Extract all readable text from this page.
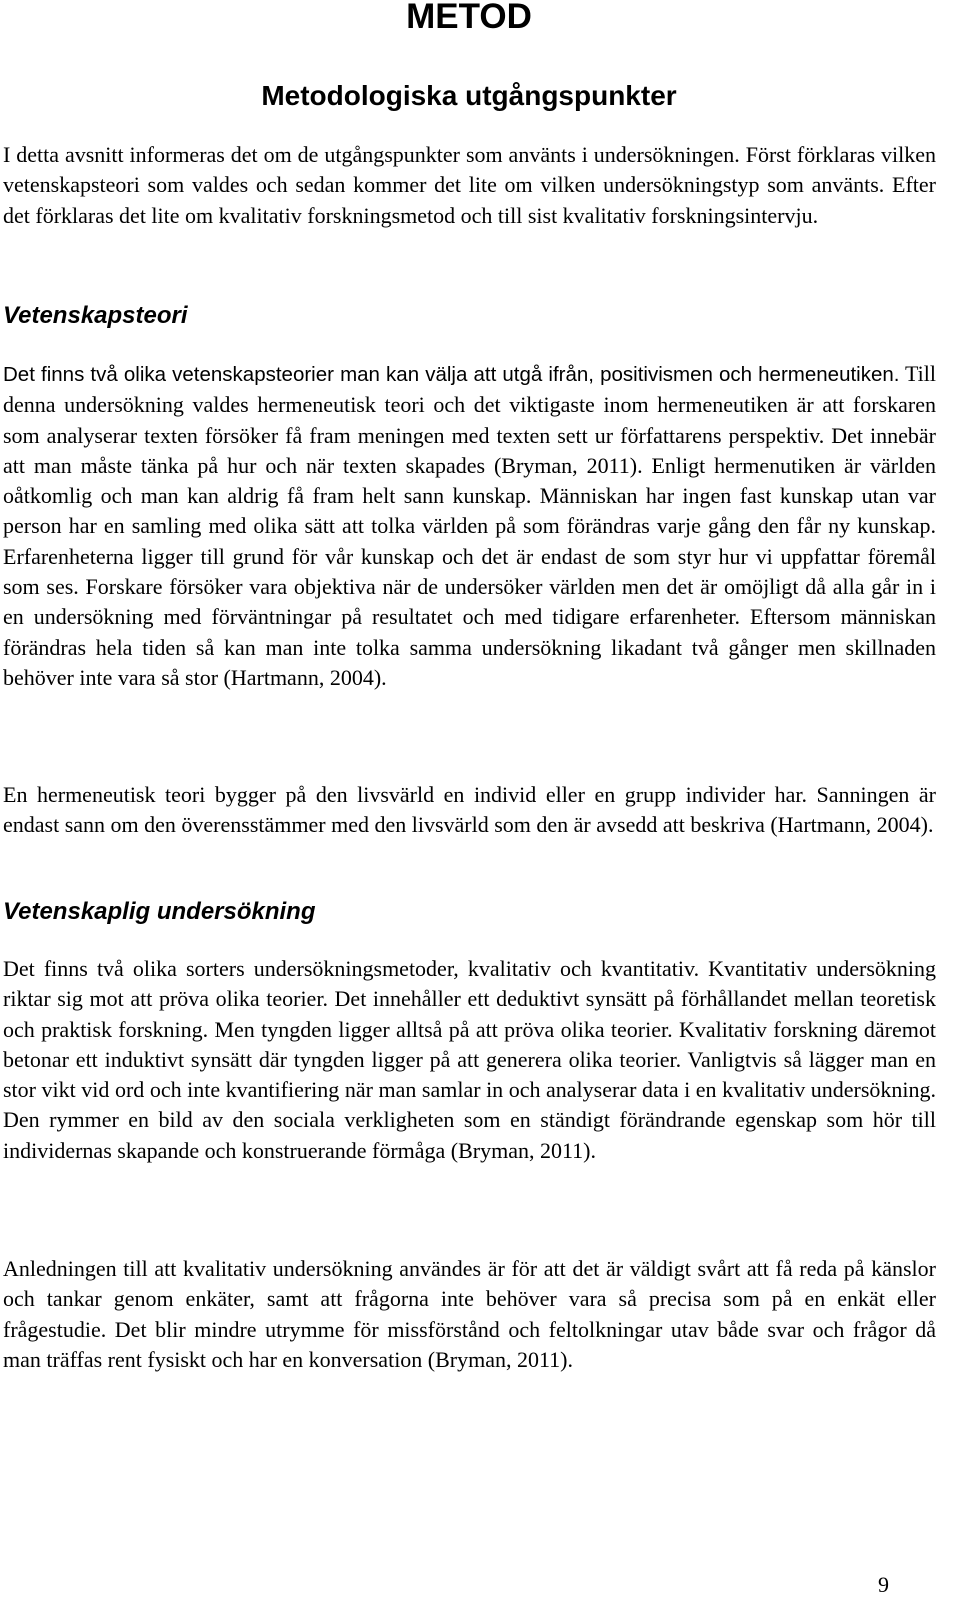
METOD
Metodologiska utgångspunkter

I detta avsnitt informeras det om de utgångspunkter som använts i undersökningen. Först förklaras vilken vetenskapsteori som valdes och sedan kommer det lite om vilken undersökningstyp som använts. Efter det förklaras det lite om kvalitativ forskningsmetod och till sist kvalitativ forskningsintervju.

Vetenskapsteori

Det finns två olika vetenskapsteorier man kan välja att utgå ifrån, positivismen och hermeneutiken. Till denna undersökning valdes hermeneutisk teori och det viktigaste inom hermeneutiken är att forskaren som analyserar texten försöker få fram meningen med texten sett ur författarens perspektiv. Det innebär att man måste tänka på hur och när texten skapades (Bryman, 2011). Enligt hermenutiken är världen oåtkomlig och man kan aldrig få fram helt sann kunskap. Människan har ingen fast kunskap utan var person har en samling med olika sätt att tolka världen på som förändras varje gång den får ny kunskap. Erfarenheterna ligger till grund för vår kunskap och det är endast de som styr hur vi uppfattar föremål som ses. Forskare försöker vara objektiva när de undersöker världen men det är omöjligt då alla går in i en undersökning med förväntningar på resultatet och med tidigare erfarenheter. Eftersom människan förändras hela tiden så kan man inte tolka samma undersökning likadant två gånger men skillnaden behöver inte vara så stor (Hartmann, 2004).

En hermeneutisk teori bygger på den livsvärld en individ eller en grupp individer har. Sanningen är endast sann om den överensstämmer med den livsvärld som den är avsedd att beskriva (Hartmann, 2004).

Vetenskaplig undersökning

Det finns två olika sorters undersökningsmetoder, kvalitativ och kvantitativ. Kvantitativ undersökning riktar sig mot att pröva olika teorier. Det innehåller ett deduktivt synsätt på förhållandet mellan teoretisk och praktisk forskning. Men tyngden ligger alltså på att pröva olika teorier. Kvalitativ forskning däremot betonar ett induktivt synsätt där tyngden ligger på att generera olika teorier. Vanligtvis så lägger man en stor vikt vid ord och inte kvantifiering när man samlar in och analyserar data i en kvalitativ undersökning. Den rymmer en bild av den sociala verkligheten som en ständigt förändrande egenskap som hör till individernas skapande och konstruerande förmåga (Bryman, 2011).

Anledningen till att kvalitativ undersökning användes är för att det är väldigt svårt att få reda på känslor och tankar genom enkäter, samt att frågorna inte behöver vara så precisa som på en enkät eller frågestudie. Det blir mindre utrymme för missförstånd och feltolkningar utav både svar och frågor då man träffas rent fysiskt och har en konversation (Bryman, 2011).

9
